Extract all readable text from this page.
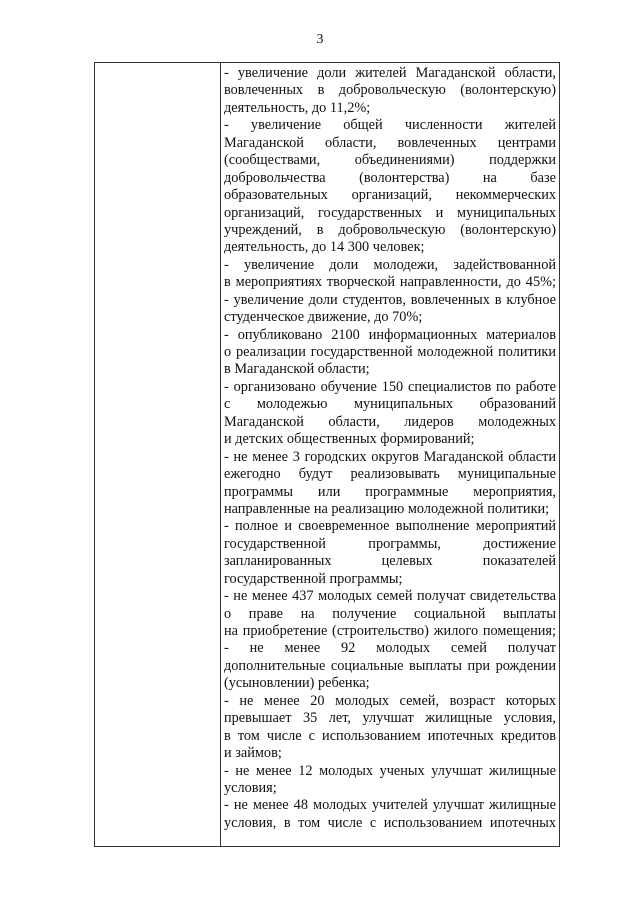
3
- увеличение доли жителей Магаданской области,
вовлеченных в добровольческую (волонтерскую)
деятельность, до 11,2%;
- увеличение общей численности жителей
Магаданской области, вовлеченных центрами
(сообществами, объединениями) поддержки
добровольчества (волонтерства) на базе
образовательных организаций, некоммерческих
организаций, государственных и муниципальных
учреждений, в добровольческую (волонтерскую)
деятельность, до 14 300 человек;
- увеличение доли молодежи, задействованной
в мероприятиях творческой направленности, до 45%;
- увеличение доли студентов, вовлеченных в клубное
студенческое движение, до 70%;
- опубликовано 2100 информационных материалов
о реализации государственной молодежной политики
в Магаданской области;
- организовано обучение 150 специалистов по работе
с молодежью муниципальных образований
Магаданской области, лидеров молодежных
и детских общественных формирований;
- не менее 3 городских округов Магаданской области
ежегодно будут реализовывать муниципальные
программы или программные мероприятия,
направленные на реализацию молодежной политики;
- полное и своевременное выполнение мероприятий
государственной программы, достижение
запланированных целевых показателей
государственной программы;
- не менее 437 молодых семей получат свидетельства
о праве на получение социальной выплаты
на приобретение (строительство) жилого помещения;
- не менее 92 молодых семей получат
дополнительные социальные выплаты при рождении
(усыновлении) ребенка;
- не менее 20 молодых семей, возраст которых
превышает 35 лет, улучшат жилищные условия,
в том числе с использованием ипотечных кредитов
и займов;
- не менее 12 молодых ученых улучшат жилищные
условия;
- не менее 48 молодых учителей улучшат жилищные
условия, в том числе с использованием ипотечных
